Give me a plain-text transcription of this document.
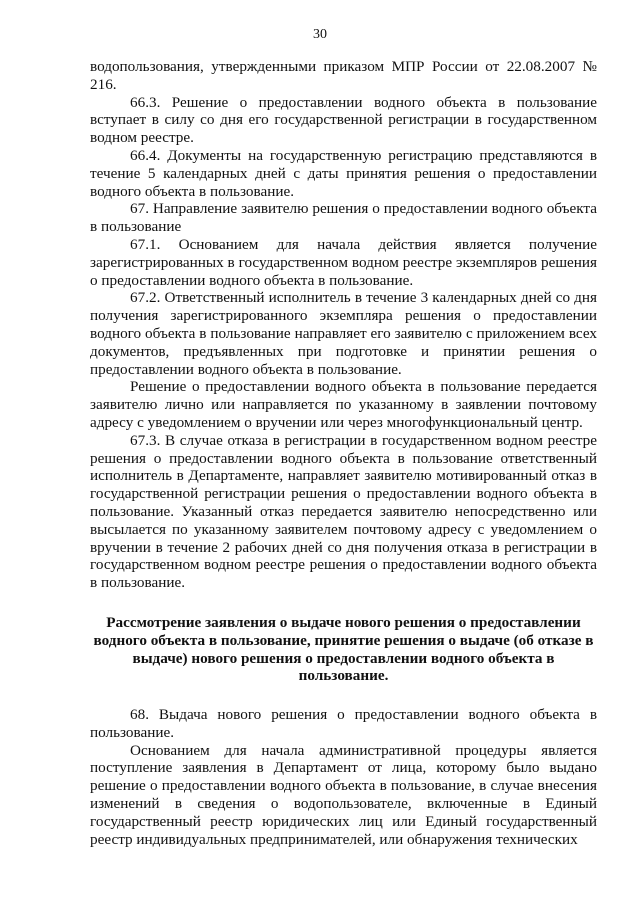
30

водопользования, утвержденными приказом МПР России от 22.08.2007 № 216.

66.3. Решение о предоставлении водного объекта в пользование вступает в силу со дня его государственной регистрации в государственном водном реестре.

66.4. Документы на государственную регистрацию представляются в течение 5 календарных дней с даты принятия решения о предоставлении водного объекта в пользование.

67. Направление заявителю решения о предоставлении водного объекта в пользование

67.1. Основанием для начала действия является получение зарегистрированных в государственном водном реестре экземпляров решения о предоставлении водного объекта в пользование.

67.2. Ответственный исполнитель в течение 3 календарных дней со дня получения зарегистрированного экземпляра решения о предоставлении водного объекта в пользование направляет его заявителю с приложением всех документов, предъявленных при подготовке и принятии решения о предоставлении водного объекта в пользование.

Решение о предоставлении водного объекта в пользование передается заявителю лично или направляется по указанному в заявлении почтовому адресу с уведомлением о вручении или через многофункциональный центр.

67.3. В случае отказа в регистрации в государственном водном реестре решения о предоставлении водного объекта в пользование ответственный исполнитель в Департаменте, направляет заявителю мотивированный отказ в государственной регистрации решения о предоставлении водного объекта в пользование. Указанный отказ передается заявителю непосредственно или высылается по указанному заявителем почтовому адресу с уведомлением о вручении в течение 2 рабочих дней со дня получения отказа в регистрации в государственном водном реестре решения о предоставлении водного объекта в пользование.

Рассмотрение заявления о выдаче нового решения о предоставлении водного объекта в пользование, принятие решения о выдаче (об отказе в выдаче) нового решения о предоставлении водного объекта в пользование.

68. Выдача нового решения о предоставлении водного объекта в пользование.

Основанием для начала административной процедуры является поступление заявления в Департамент от лица, которому было выдано решение о предоставлении водного объекта в пользование, в случае внесения изменений в сведения о водопользователе, включенные в Единый государственный реестр юридических лиц или Единый государственный реестр индивидуальных предпринимателей, или обнаружения технических
